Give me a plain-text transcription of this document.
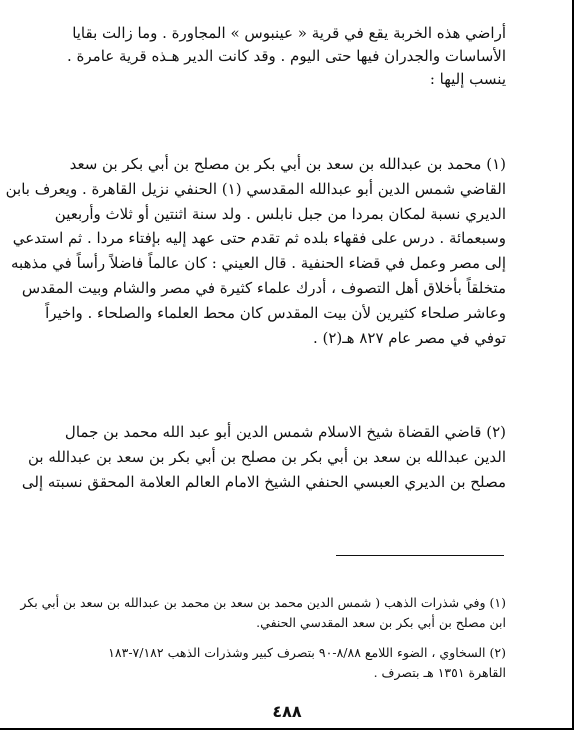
أراضي هذه الخربة يقع في قرية « عينبوس » المجاورة . وما زالت بقايا
الأساسات والجدران فيها حتى اليوم . وقد كانت الدير هـذه قرية عامرة .
ينسب إليها :
(١) محمد بن عبدالله بن سعد بن أبي بكر بن مصلح بن أبي بكر بن سعد
القاضي شمس الدين أبو عبدالله المقدسي (١) الحنفي نزيل القاهرة . ويعرف بابن
الديري نسبة لمكان بمردا من جبل نابلس . ولد سنة اثنتين أو ثلاث وأربعين
وسبعمائة . درس على فقهاء بلده ثم تقدم حتى عهد إليه بإفتاء مردا . ثم استدعي
إلى مصر وعمل في قضاء الحنفية . قال العيني : كان عالماً فاضلاً رأساً في مذهبه
متخلقاً بأخلاق أهل التصوف ، أدرك علماء كثيرة في مصر والشام وبيت المقدس
وعاشر صلحاء كثيرين لأن بيت المقدس كان محط العلماء والصلحاء . واخيراً
توفي في مصر عام ٨٢٧ هـ(٢) .
(٢) قاضي القضاة شيخ الاسلام شمس الدين أبو عبد الله محمد بن جمال
الدين عبدالله بن سعد بن أبي بكر بن مصلح بن أبي بكر بن سعد بن عبدالله بن
مصلح بن الديري العبسي الحنفي الشيخ الامام العالم العلامة المحقق نسبته إلى
(١) وفي شذرات الذهب ( شمس الدين محمد بن سعد بن محمد بن عبدالله بن سعد بن أبي بكر
ابن مصلح بن أبي بكر بن سعد المقدسي الحنفي.
(٢) السخاوي ، الضوء اللامع ٨/٨٨-٩٠ بتصرف كبير وشذرات الذهب ٧/١٨٢-١٨٣
القاهرة ١٣٥١ هـ بتصرف .
٤٨٨
